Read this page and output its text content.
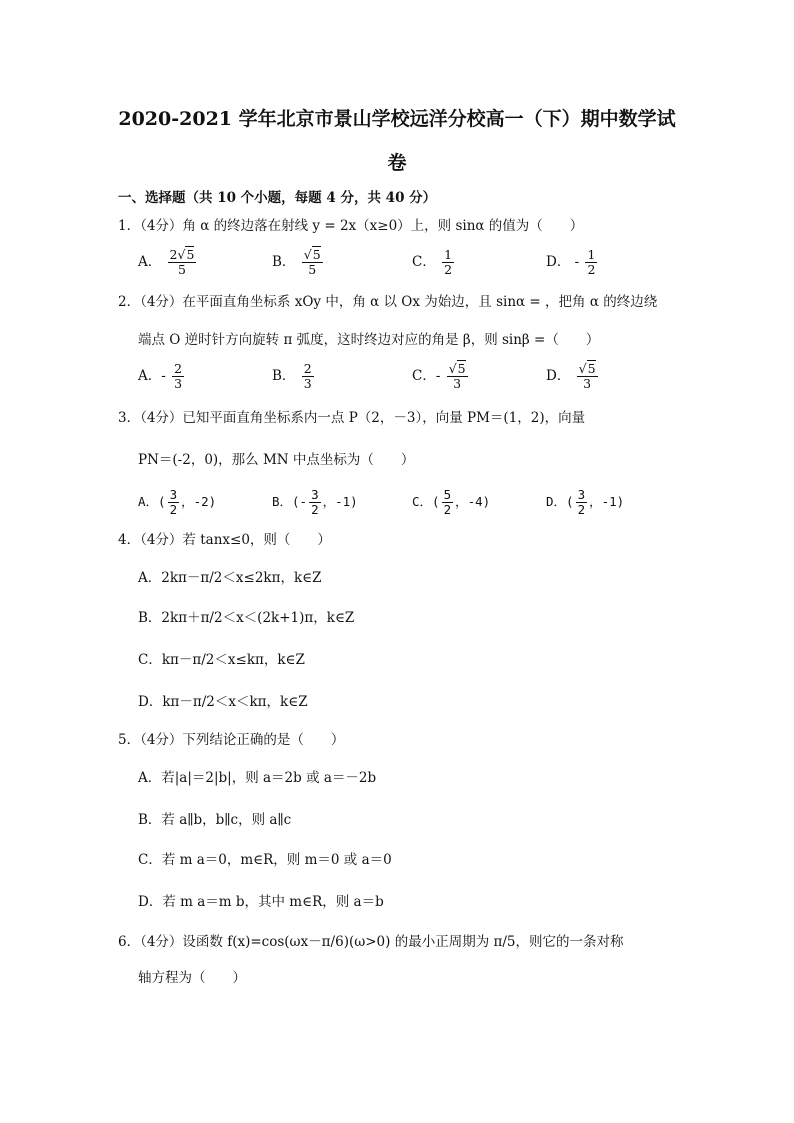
2020-2021 学年北京市景山学校远洋分校高一（下）期中数学试
卷
一、选择题（共 10 个小题，每题 4 分，共 40 分）
1．（4分）角 α 的终边落在射线 y = 2x（x≥0）上，则 sinα 的值为（　　）
A． $\frac{2√5}{5}$	B． $\frac{√5}{5}$	C． $\frac{1}{2}$	D． - $\frac{1}{2}$
2．（4分）在平面直角坐标系 xOy 中，角 α 以 Ox 为始边，且 sinα = ，把角 α 的终边绕
端点 O 逆时针方向旋转 π 弧度，这时终边对应的角是 β，则 sinβ =（　　）
A．- $\frac{2}{3}$	B． $\frac{2}{3}$	C．- $\frac{√5}{3}$	D． $\frac{√5}{3}$
3．（4分）已知平面直角坐标系内一点 P（2，－3），向量 PM＝(1，2)，向量
PN＝(-2，0)，那么 MN 中点坐标为（　　）
A．( $\frac{3}{2}$ ，-2)	B．(- $\frac{3}{2}$ ，-1)	C．( $\frac{5}{2}$ ，-4)	D．( $\frac{3}{2}$ ，-1)
4．（4分）若 tanx≤0，则（　　）
A．2kπ－π/2＜x≤2kπ，k∈Z
B．2kπ＋π/2＜x＜(2k+1)π，k∈Z
C．kπ－π/2＜x≤kπ，k∈Z
D．kπ－π/2＜x＜kπ，k∈Z
5．（4分）下列结论正确的是（　　）
A．若|a|＝2|b|，则 a＝2b 或 a＝－2b
B．若 a∥b，b∥c，则 a∥c
C．若 m a＝0，m∈R，则 m＝0 或 a＝0
D．若 m a＝m b，其中 m∈R，则 a＝b
6．（4分）设函数 f(x)=cos(ωx－π/6)(ω>0) 的最小正周期为 π/5，则它的一条对称
轴方程为（　　）
